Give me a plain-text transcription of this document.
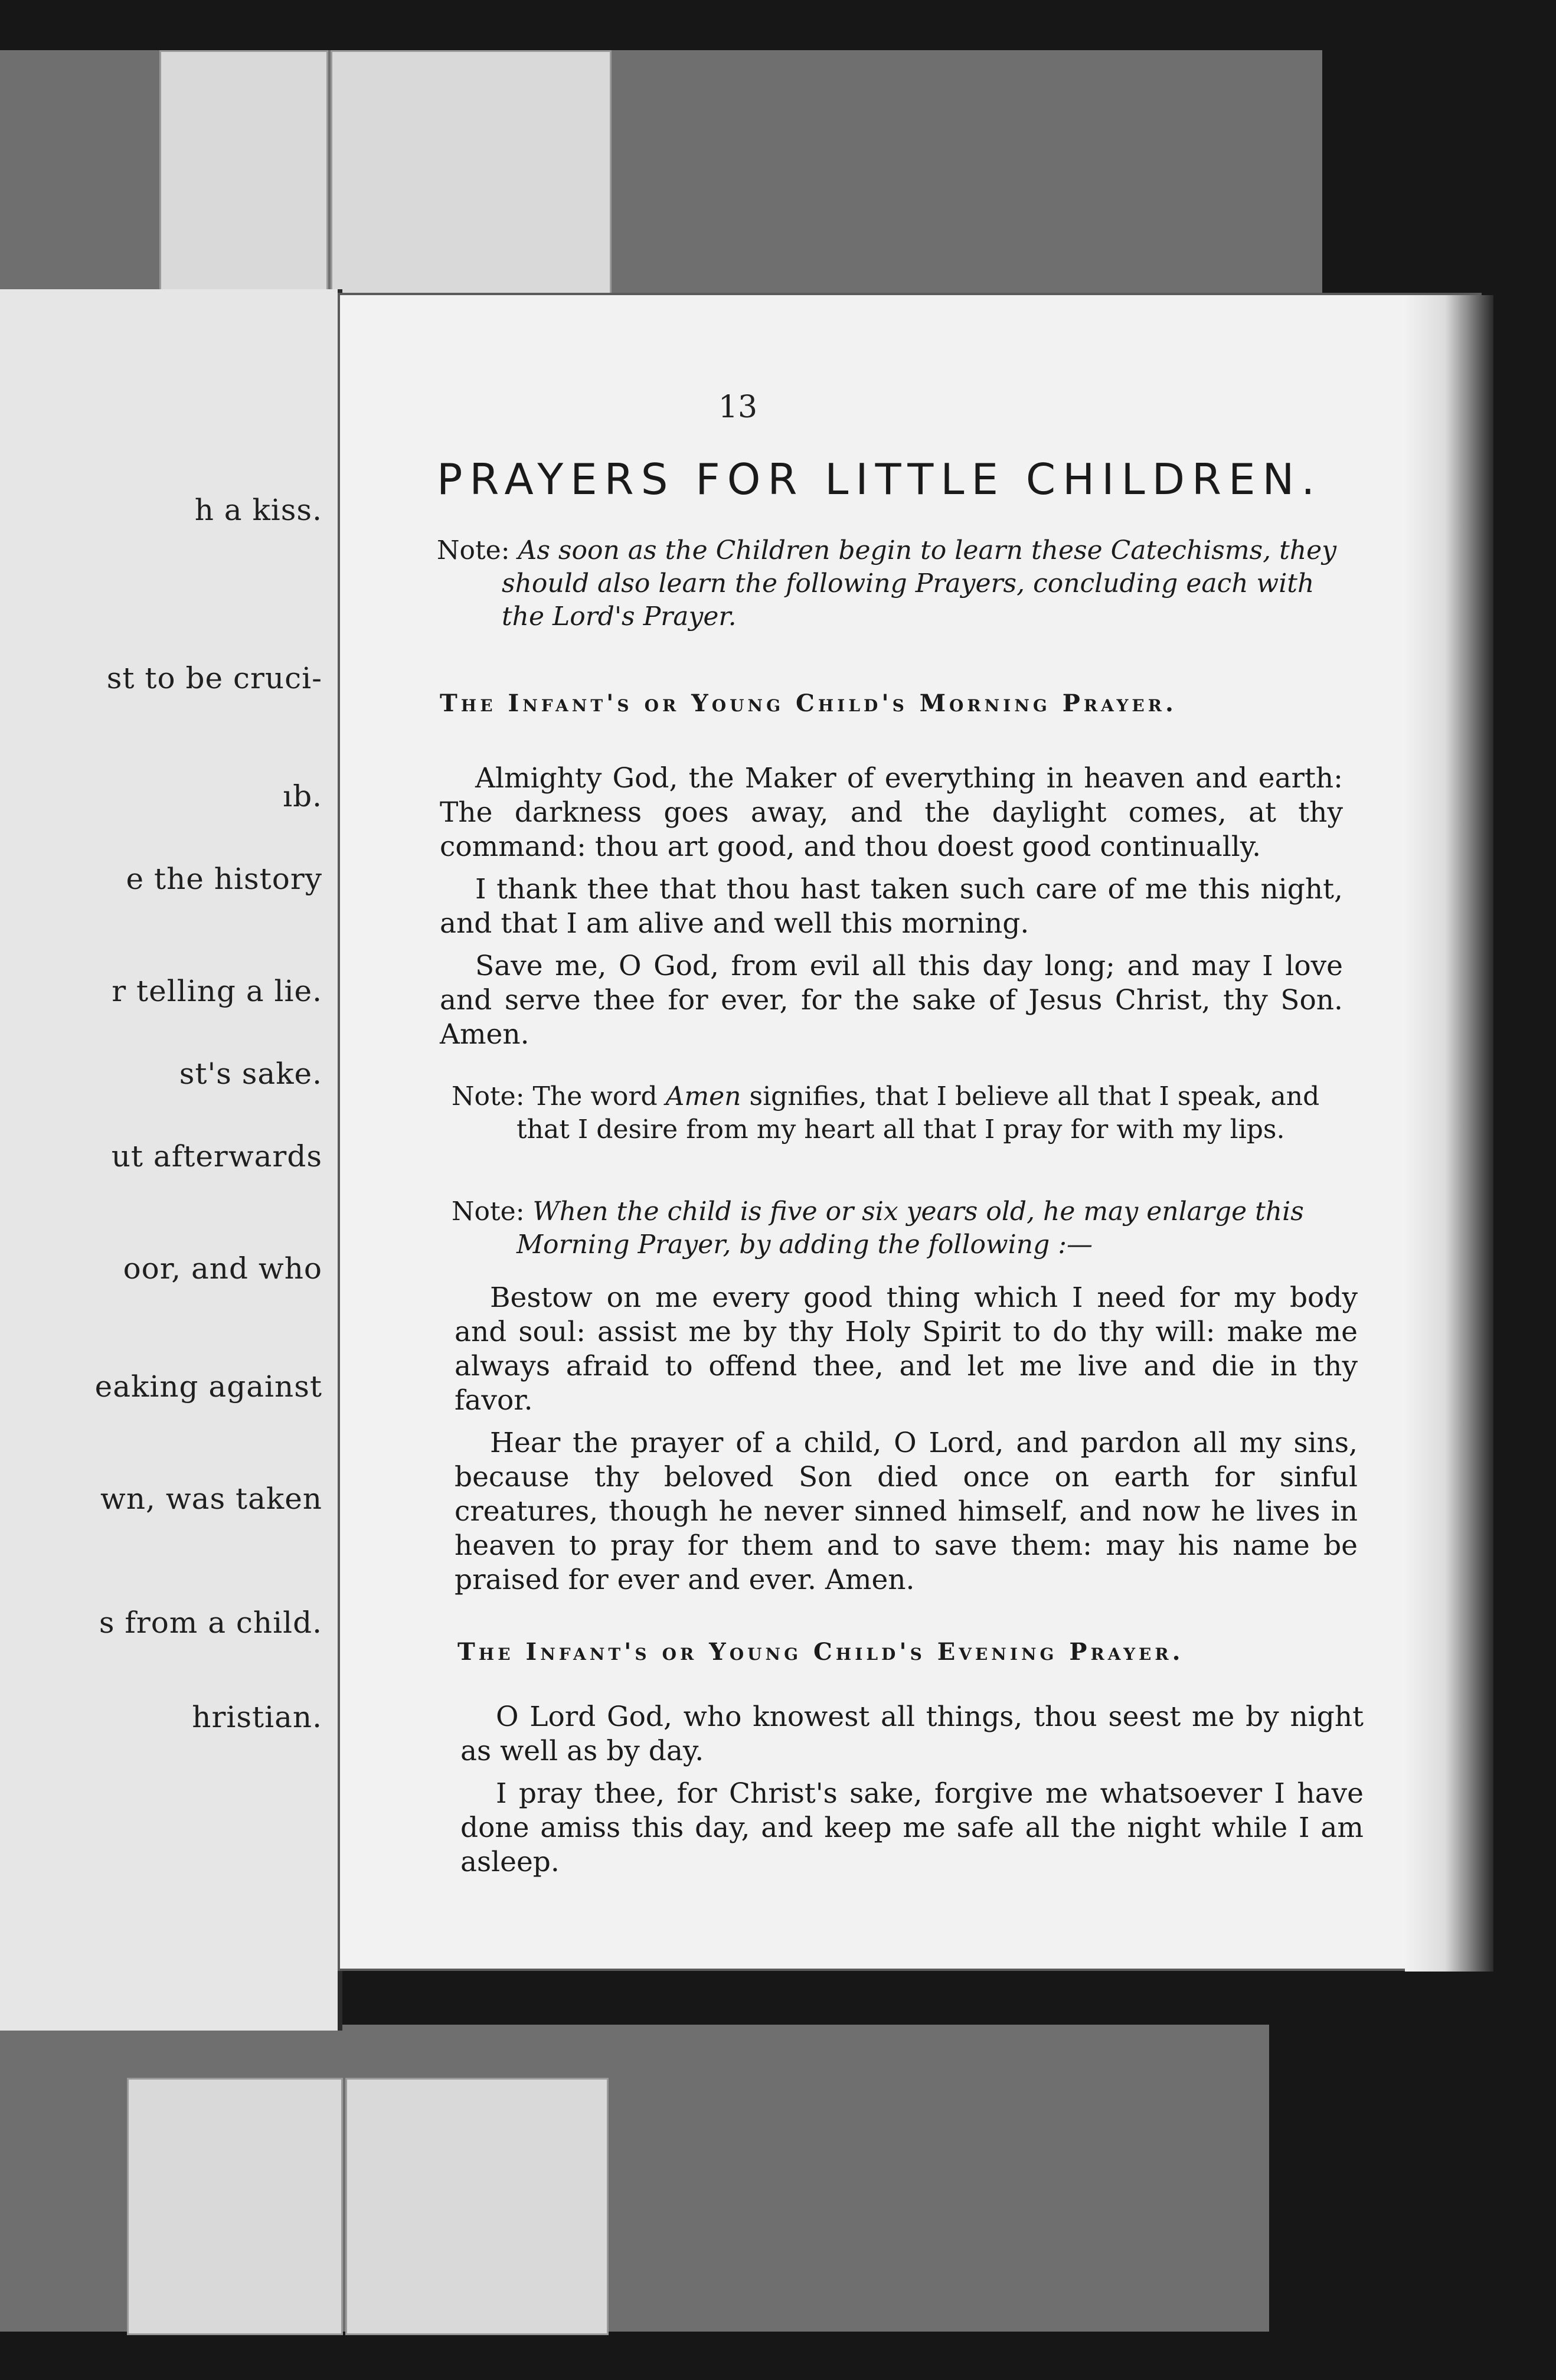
h a kiss.
st to be cruci-
ıb.
e the history
r telling a lie.
st's sake.
ut afterwards
oor, and who
eaking against
wn, was taken
s from a child.
hristian.
13
PRAYERS FOR LITTLE CHILDREN.
Note: As soon as the Children begin to learn these Catechisms, they should also learn the following Prayers, concluding each with the Lord's Prayer.
The Infant's or Young Child's Morning Prayer.

Almighty God, the Maker of everything in heaven and earth: The darkness goes away, and the daylight comes, at thy command: thou art good, and thou doest good continually.

I thank thee that thou hast taken such care of me this night, and that I am alive and well this morning.

Save me, O God, from evil all this day long; and may I love and serve thee for ever, for the sake of Jesus Christ, thy Son. Amen.

Note: The word Amen signifies, that I believe all that I speak, and that I desire from my heart all that I pray for with my lips.
Note: When the child is five or six years old, he may enlarge this Morning Prayer, by adding the following :—

Bestow on me every good thing which I need for my body and soul: assist me by thy Holy Spirit to do thy will: make me always afraid to offend thee, and let me live and die in thy favor.

Hear the prayer of a child, O Lord, and pardon all my sins, because thy beloved Son died once on earth for sinful creatures, though he never sinned himself, and now he lives in heaven to pray for them and to save them: may his name be praised for ever and ever. Amen.

The Infant's or Young Child's Evening Prayer.

O Lord God, who knowest all things, thou seest me by night as well as by day.

I pray thee, for Christ's sake, forgive me whatsoever I have done amiss this day, and keep me safe all the night while I am asleep.
